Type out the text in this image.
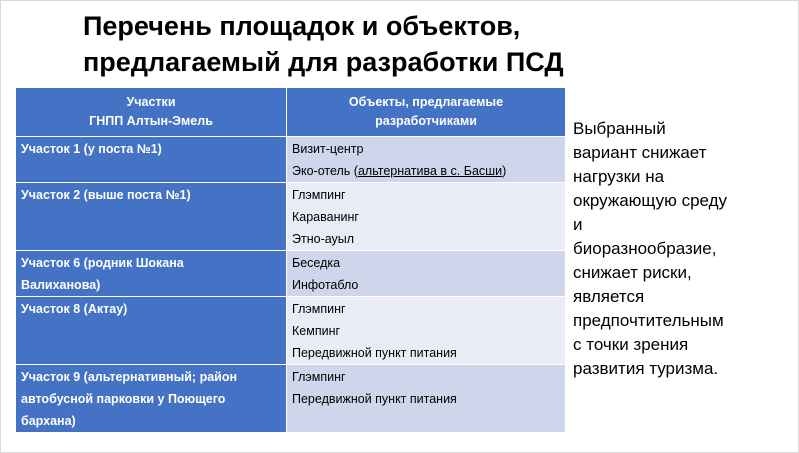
Перечень площадок и объектов,
предлагаемый для разработки ПСД
Участки
ГНПП Алтын-Эмель	Объекты, предлагаемые
разработчиками

Участок 1 (у поста №1)	Визит-центр
Эко-отель (альтернатива в с. Басши)

Участок 2 (выше поста №1)	Глэмпинг
Караванинг
Этно-ауыл

Участок 6 (родник Шокана
Валиханова)	Беседка
Инфотабло

Участок 8 (Актау)	Глэмпинг
Кемпинг
Передвижной пункт питания

Участок 9 (альтернативный; район
автобусной парковки у Поющего
бархана)	Глэмпинг
Передвижной пункт питания
Выбранный
вариант снижает
нагрузки на
окружающую среду
и
биоразнообразие,
снижает риски,
является
предпочтительным
с точки зрения
развития туризма.
